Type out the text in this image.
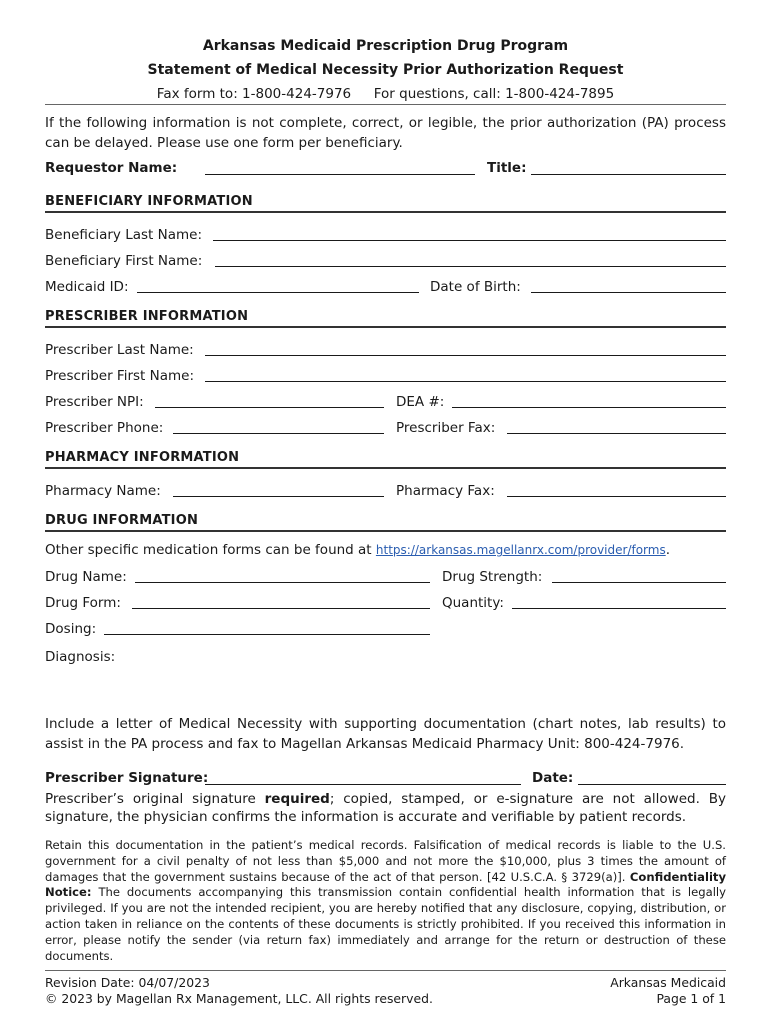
Arkansas Medicaid Prescription Drug Program
Statement of Medical Necessity Prior Authorization Request
Fax form to: 1-800-424-7976 For questions, call: 1-800-424-7895
If the following information is not complete, correct, or legible, the prior authorization (PA) process can be delayed. Please use one form per beneficiary.
Requestor Name:	Title:
BENEFICIARY INFORMATION
Beneficiary Last Name:
Beneficiary First Name:
Medicaid ID:	Date of Birth:
PRESCRIBER INFORMATION
Prescriber Last Name:
Prescriber First Name:
Prescriber NPI:	DEA #:
Prescriber Phone:	Prescriber Fax:
PHARMACY INFORMATION
Pharmacy Name:	Pharmacy Fax:
DRUG INFORMATION
Other specific medication forms can be found at https://arkansas.magellanrx.com/provider/forms.
Drug Name:	Drug Strength:
Drug Form:	Quantity:
Dosing:
Diagnosis:
Include a letter of Medical Necessity with supporting documentation (chart notes, lab results) to assist in the PA process and fax to Magellan Arkansas Medicaid Pharmacy Unit: 800-424-7976.
Prescriber Signature:	Date:
Prescriber’s original signature required; copied, stamped, or e-signature are not allowed. By signature, the physician confirms the information is accurate and verifiable by patient records.
Retain this documentation in the patient’s medical records. Falsification of medical records is liable to the U.S. government for a civil penalty of not less than $5,000 and not more the $10,000, plus 3 times the amount of damages that the government sustains because of the act of that person. [42 U.S.C.A. § 3729(a)]. Confidentiality Notice: The documents accompanying this transmission contain confidential health information that is legally privileged. If you are not the intended recipient, you are hereby notified that any disclosure, copying, distribution, or action taken in reliance on the contents of these documents is strictly prohibited. If you received this information in error, please notify the sender (via return fax) immediately and arrange for the return or destruction of these documents.
Revision Date: 04/07/2023
© 2023 by Magellan Rx Management, LLC. All rights reserved.
Arkansas Medicaid
Page 1 of 1
